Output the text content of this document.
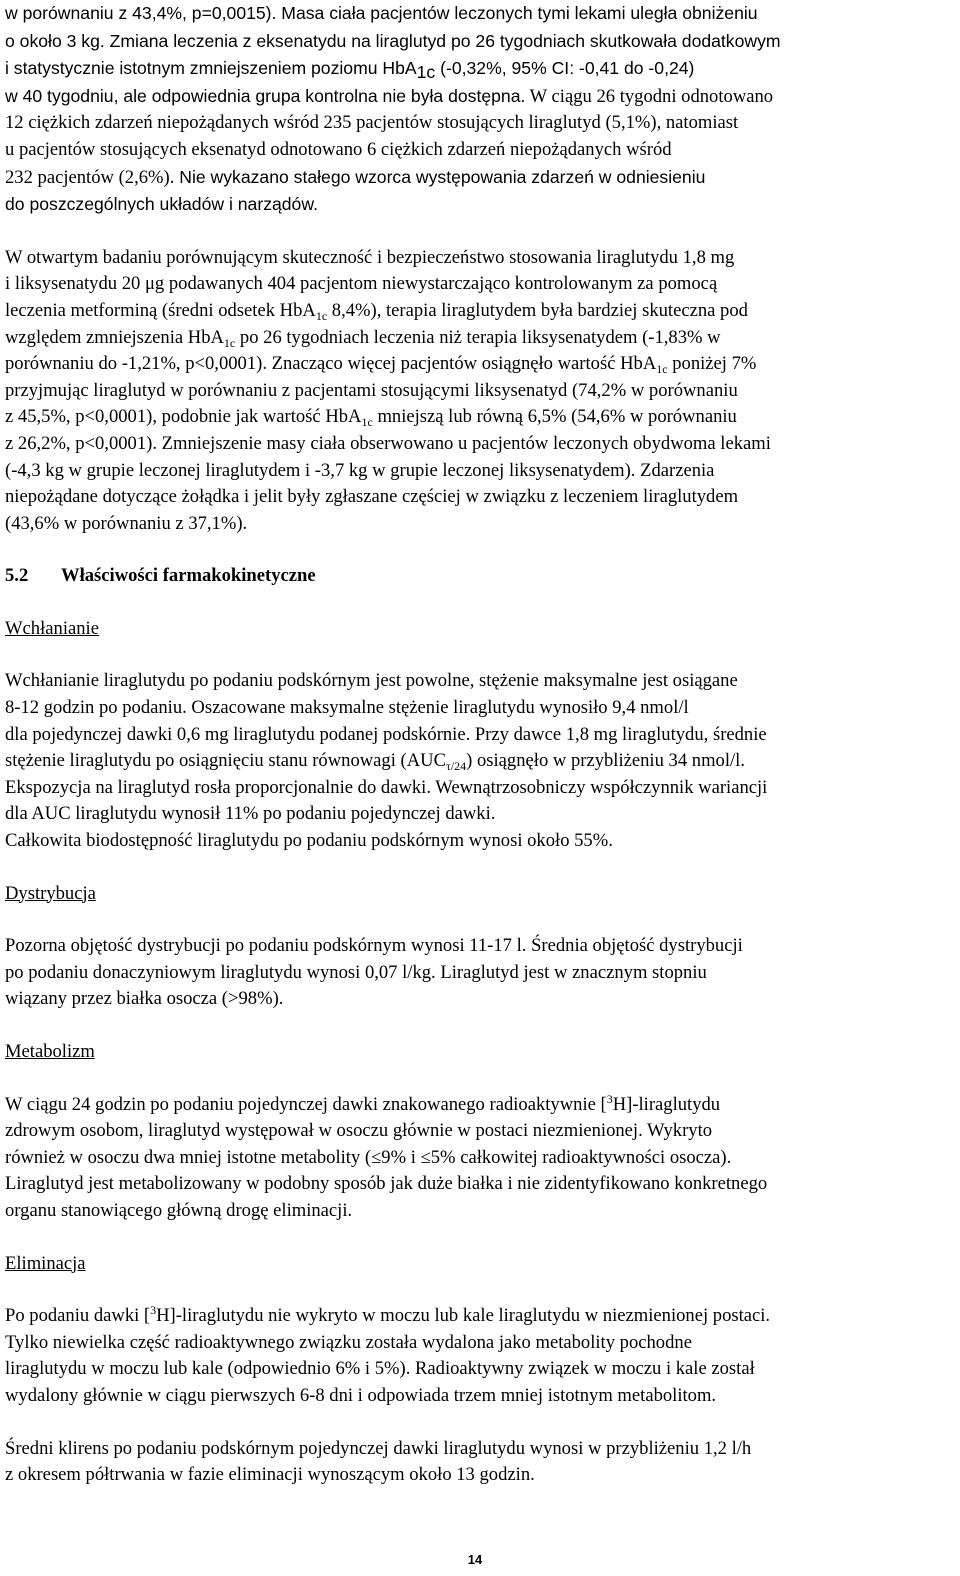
w porównaniu z 43,4%, p=0,0015). Masa ciała pacjentów leczonych tymi lekami uległa obniżeniu
o około 3 kg. Zmiana leczenia z eksenatydu na liraglutyd po 26 tygodniach skutkowała dodatkowym
i statystycznie istotnym zmniejszeniem poziomu HbA$_{1c}$ (-0,32%, 95% CI: -0,41 do -0,24)
w 40 tygodniu, ale odpowiednia grupa kontrolna nie była dostępna. W ciągu 26 tygodni odnotowano
12 ciężkich zdarzeń niepożądanych wśród 235 pacjentów stosujących liraglutyd (5,1%), natomiast
u pacjentów stosujących eksenatyd odnotowano 6 ciężkich zdarzeń niepożądanych wśród
232 pacjentów (2,6%). Nie wykazano stałego wzorca występowania zdarzeń w odniesieniu
do poszczególnych układów i narządów.

W otwartym badaniu porównującym skuteczność i bezpieczeństwo stosowania liraglutydu 1,8 mg
i liksysenatydu 20 μg podawanych 404 pacjentom niewystarczająco kontrolowanym za pomocą
leczenia metforminą (średni odsetek HbA$_{1c}$ 8,4%), terapia liraglutydem była bardziej skuteczna pod
względem zmniejszenia HbA$_{1c}$ po 26 tygodniach leczenia niż terapia liksysenatydem (-1,83% w
porównaniu do -1,21%, p<0,0001). Znacząco więcej pacjentów osiągnęło wartość HbA$_{1c}$ poniżej 7%
przyjmując liraglutyd w porównaniu z pacjentami stosującymi liksysenatyd (74,2% w porównaniu
z 45,5%, p<0,0001), podobnie jak wartość HbA$_{1c}$ mniejszą lub równą 6,5% (54,6% w porównaniu
z 26,2%, p<0,0001). Zmniejszenie masy ciała obserwowano u pacjentów leczonych obydwoma lekami
(-4,3 kg w grupie leczonej liraglutydem i -3,7 kg w grupie leczonej liksysenatydem). Zdarzenia
niepożądane dotyczące żołądka i jelit były zgłaszane częściej w związku z leczeniem liraglutydem
(43,6% w porównaniu z 37,1%).

5.2 Właściwości farmakokinetyczne

Wchłanianie

Wchłanianie liraglutydu po podaniu podskórnym jest powolne, stężenie maksymalne jest osiągane
8-12 godzin po podaniu. Oszacowane maksymalne stężenie liraglutydu wynosiło 9,4 nmol/l
dla pojedynczej dawki 0,6 mg liraglutydu podanej podskórnie. Przy dawce 1,8 mg liraglutydu, średnie
stężenie liraglutydu po osiągnięciu stanu równowagi $(AUC_{\tau/24})$ osiągnęło w przybliżeniu 34 nmol/l.
Ekspozycja na liraglutyd rosła proporcjonalnie do dawki. Wewnątrzosobniczy współczynnik wariancji
dla AUC liraglutydu wynosił 11% po podaniu pojedynczej dawki.
Całkowita biodostępność liraglutydu po podaniu podskórnym wynosi około 55%.

Dystrybucja

Pozorna objętość dystrybucji po podaniu podskórnym wynosi 11-17 l. Średnia objętość dystrybucji
po podaniu donaczyniowym liraglutydu wynosi 0,07 l/kg. Liraglutyd jest w znacznym stopniu
wiązany przez białka osocza (>98%).

Metabolizm

W ciągu 24 godzin po podaniu pojedynczej dawki znakowanego radioaktywnie [$^3$H]-liraglutydu
zdrowym osobom, liraglutyd występował w osoczu głównie w postaci niezmienionej. Wykryto
również w osoczu dwa mniej istotne metabolity (≤9% i ≤5% całkowitej radioaktywności osocza).
Liraglutyd jest metabolizowany w podobny sposób jak duże białka i nie zidentyfikowano konkretnego
organu stanowiącego główną drogę eliminacji.

Eliminacja

Po podaniu dawki [$^3$H]-liraglutydu nie wykryto w moczu lub kale liraglutydu w niezmienionej postaci.
Tylko niewielka część radioaktywnego związku została wydalona jako metabolity pochodne
liraglutydu w moczu lub kale (odpowiednio 6% i 5%). Radioaktywny związek w moczu i kale został
wydalony głównie w ciągu pierwszych 6-8 dni i odpowiada trzem mniej istotnym metabolitom.

Średni klirens po podaniu podskórnym pojedynczej dawki liraglutydu wynosi w przybliżeniu 1,2 l/h
z okresem półtrwania w fazie eliminacji wynoszącym około 13 godzin.

14
